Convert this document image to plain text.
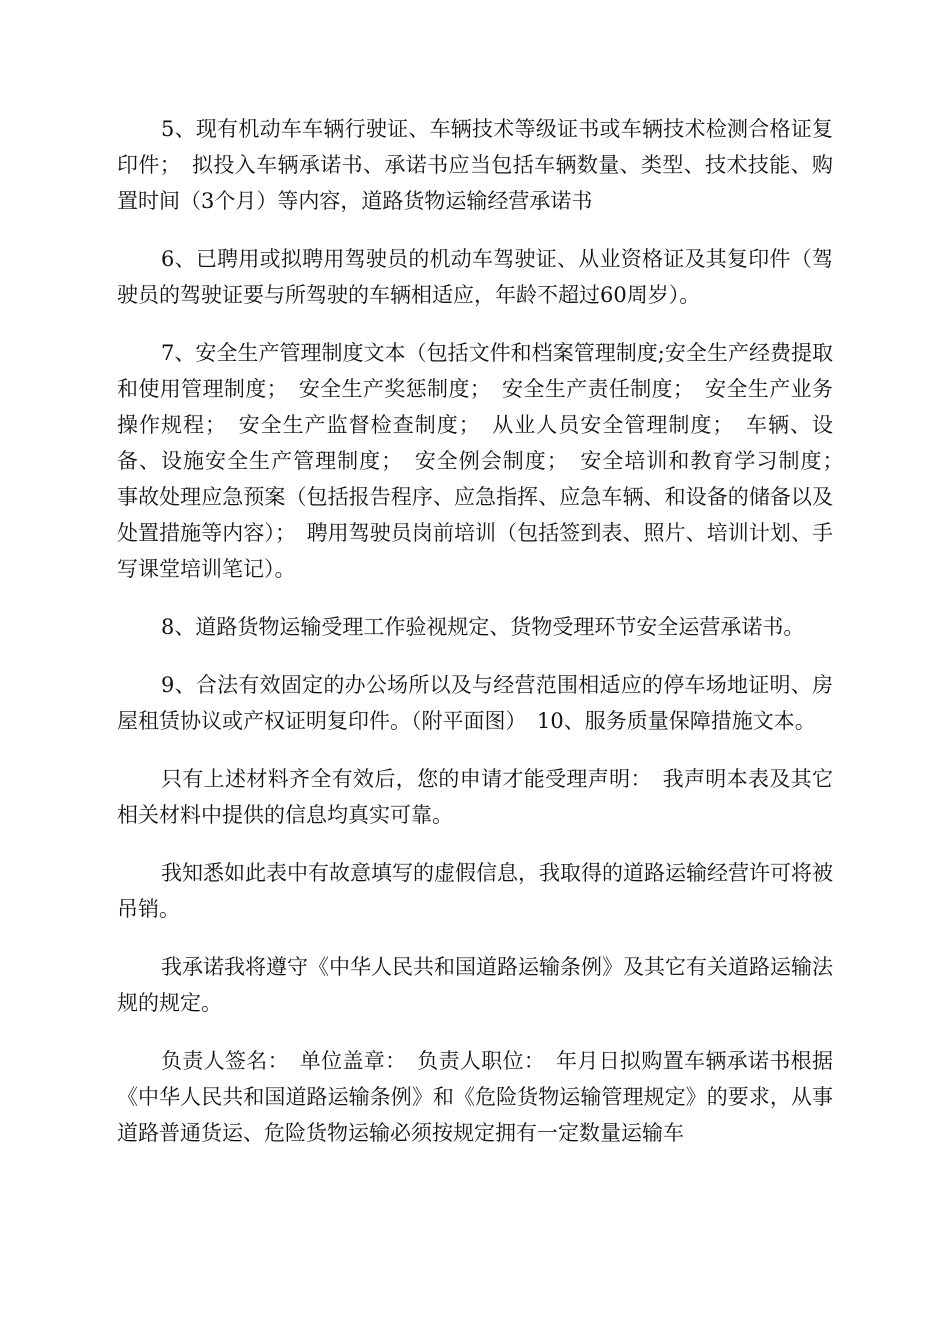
5、现有机动车车辆行驶证、车辆技术等级证书或车辆技术检测合格证复印件；　拟投入车辆承诺书、承诺书应当包括车辆数量、类型、技术技能、购置时间（3个月）等内容，道路货物运输经营承诺书

6、已聘用或拟聘用驾驶员的机动车驾驶证、从业资格证及其复印件（驾驶员的驾驶证要与所驾驶的车辆相适应，年龄不超过60周岁）。

7、安全生产管理制度文本（包括文件和档案管理制度;安全生产经费提取和使用管理制度；　安全生产奖惩制度；　安全生产责任制度；　安全生产业务操作规程；　安全生产监督检查制度；　从业人员安全管理制度；　车辆、设备、设施安全生产管理制度；　安全例会制度；　安全培训和教育学习制度；　事故处理应急预案（包括报告程序、应急指挥、应急车辆、和设备的储备以及处置措施等内容）；　聘用驾驶员岗前培训（包括签到表、照片、培训计划、手写课堂培训笔记）。

8、道路货物运输受理工作验视规定、货物受理环节安全运营承诺书。

9、合法有效固定的办公场所以及与经营范围相适应的停车场地证明、房屋租赁协议或产权证明复印件。（附平面图）　10、服务质量保障措施文本。

只有上述材料齐全有效后，您的申请才能受理声明：　我声明本表及其它相关材料中提供的信息均真实可靠。

我知悉如此表中有故意填写的虚假信息，我取得的道路运输经营许可将被吊销。

我承诺我将遵守《中华人民共和国道路运输条例》及其它有关道路运输法规的规定。

负责人签名：　单位盖章：　负责人职位：　年月日拟购置车辆承诺书根据《中华人民共和国道路运输条例》和《危险货物运输管理规定》的要求，从事道路普通货运、危险货物运输必须按规定拥有一定数量运输车
